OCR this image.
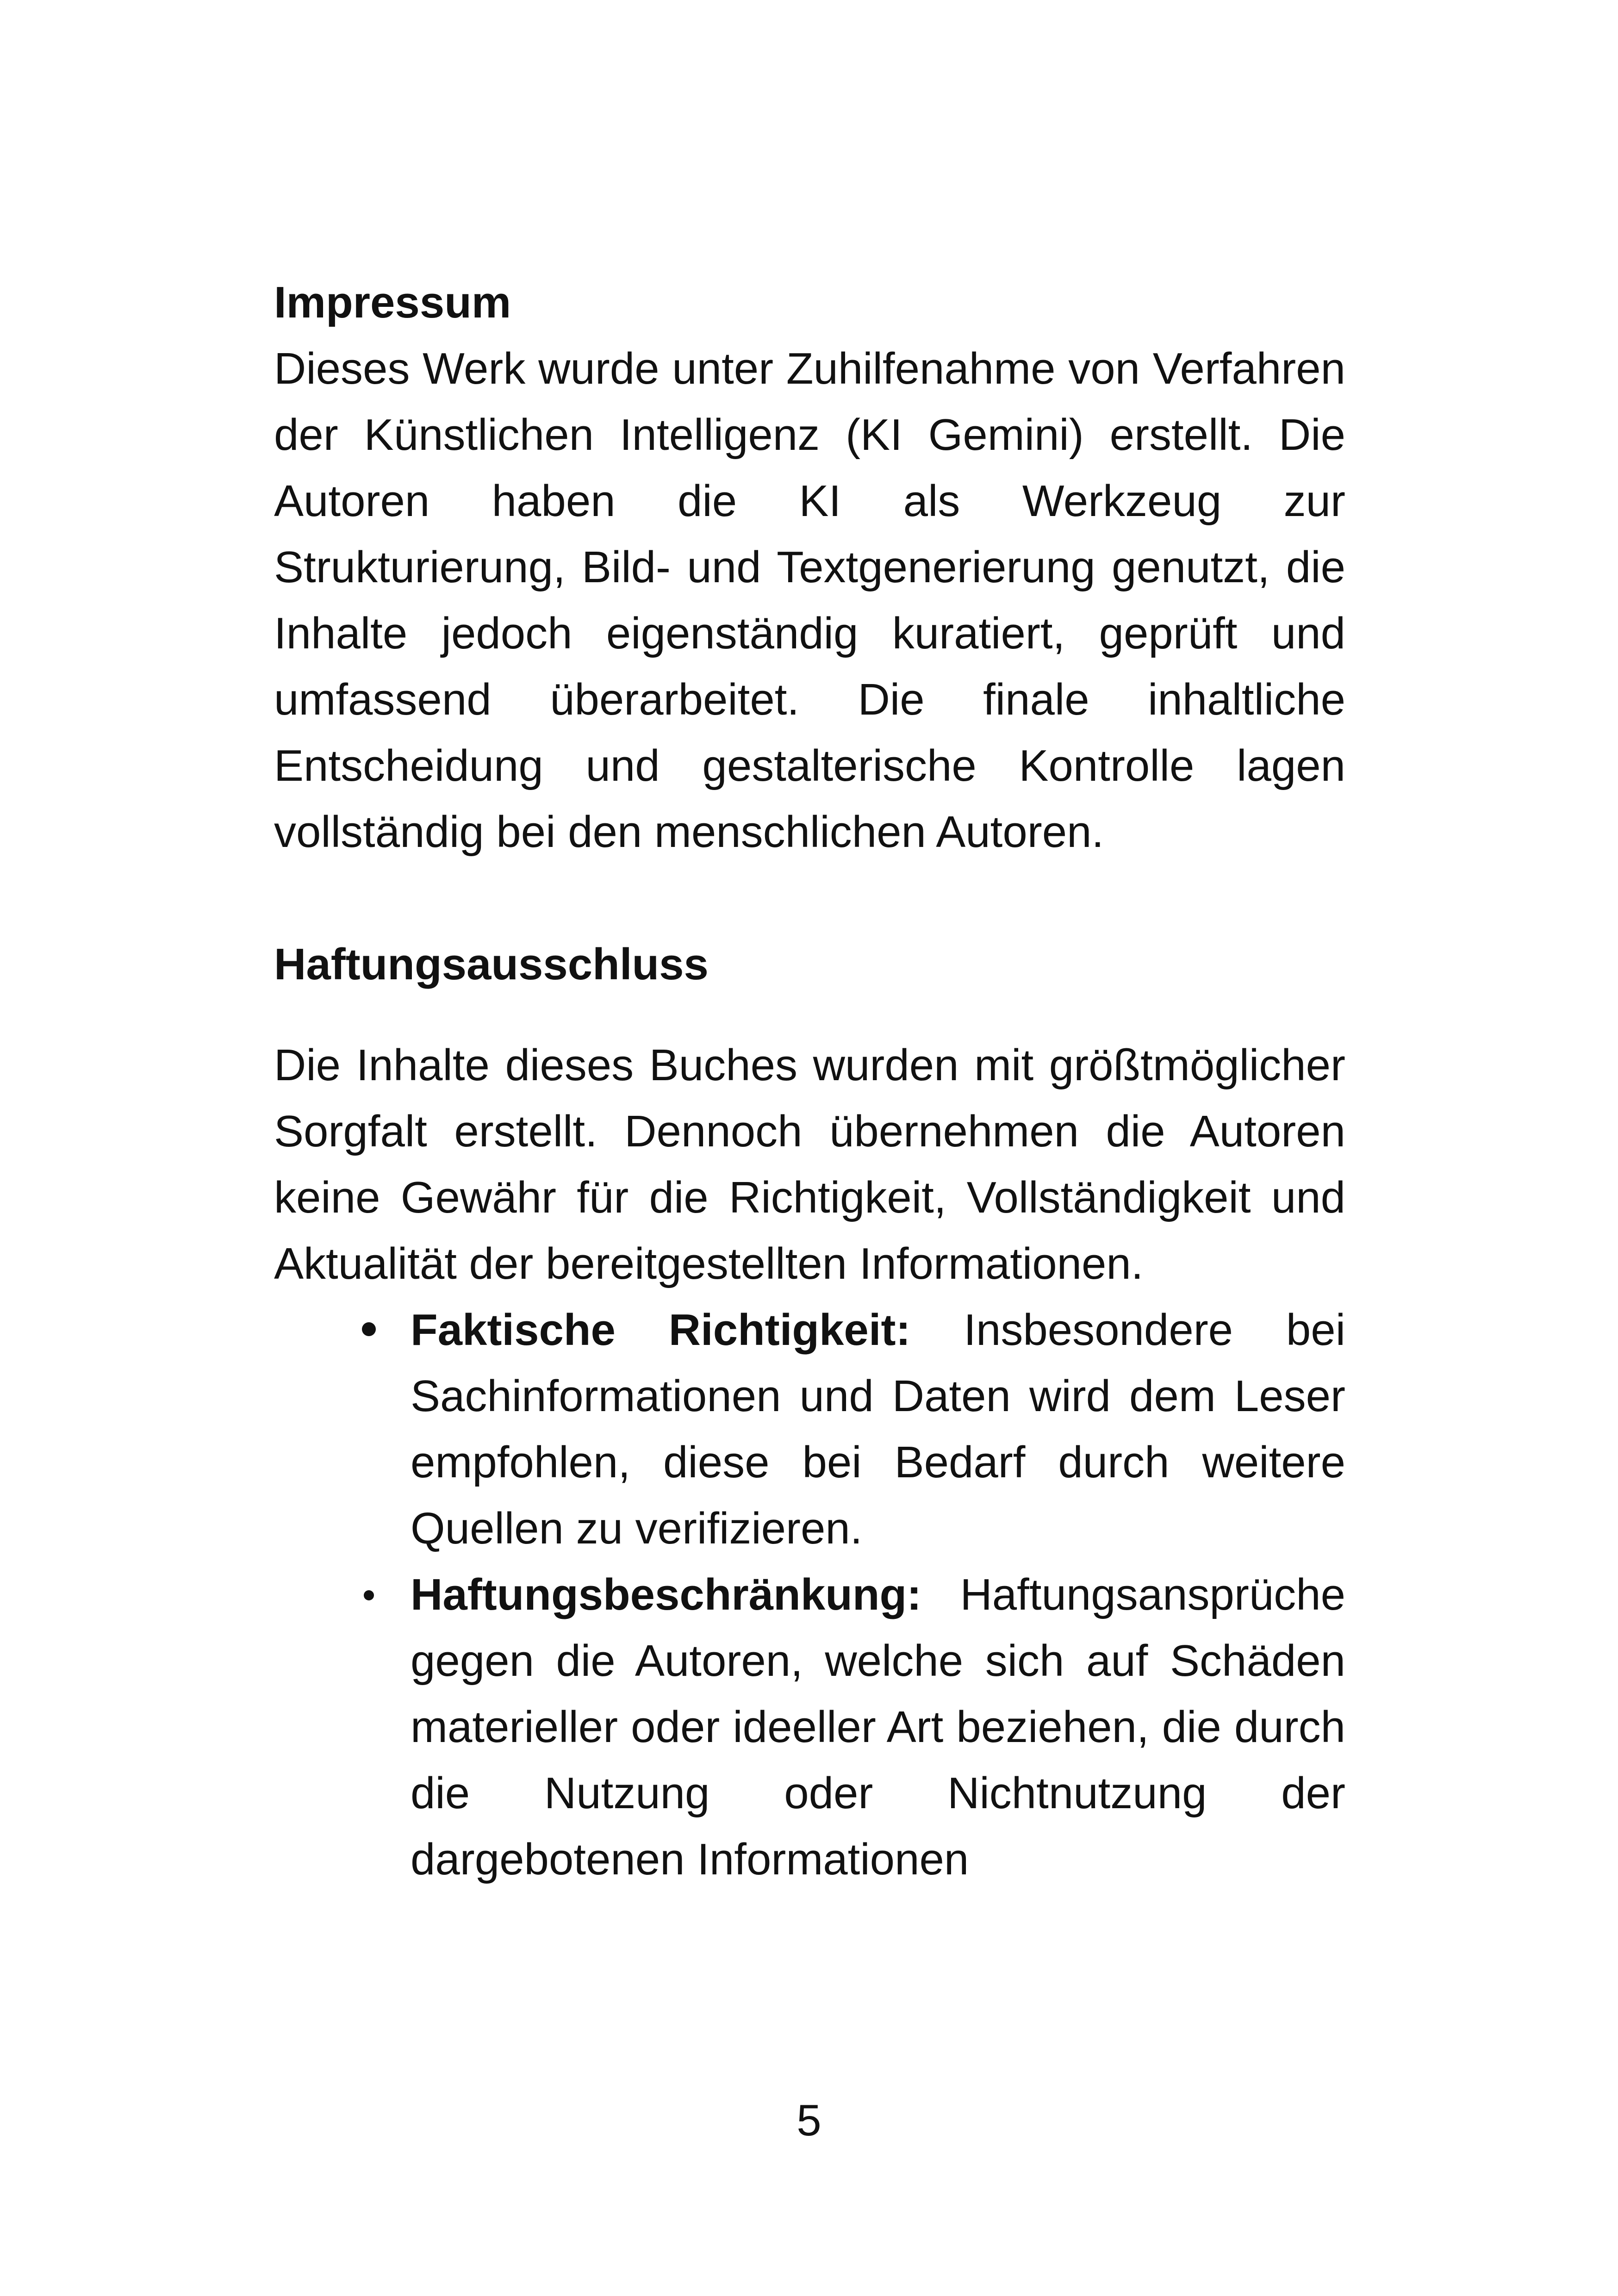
Impressum

Dieses Werk wurde unter Zuhilfenahme von Verfahren der Künstlichen Intelligenz (KI Gemini) erstellt. Die Autoren haben die KI als Werkzeug zur Strukturierung, Bild- und Textgenerierung genutzt, die Inhalte jedoch eigenständig kuratiert, geprüft und umfassend überarbeitet. Die finale inhaltliche Entscheidung und gestalterische Kontrolle lagen vollständig bei den menschlichen Autoren.

Haftungsausschluss

Die Inhalte dieses Buches wurden mit größtmöglicher Sorgfalt erstellt. Dennoch übernehmen die Autoren keine Gewähr für die Richtigkeit, Vollständigkeit und Aktualität der bereitgestellten Informationen.

Faktische Richtigkeit: Insbesondere bei Sachinformationen und Daten wird dem Leser empfohlen, diese bei Bedarf durch weitere Quellen zu verifizieren.
Haftungsbeschränkung: Haftungsansprüche gegen die Autoren, welche sich auf Schäden materieller oder ideeller Art beziehen, die durch die Nutzung oder Nichtnutzung der dargebotenen Informationen
5
